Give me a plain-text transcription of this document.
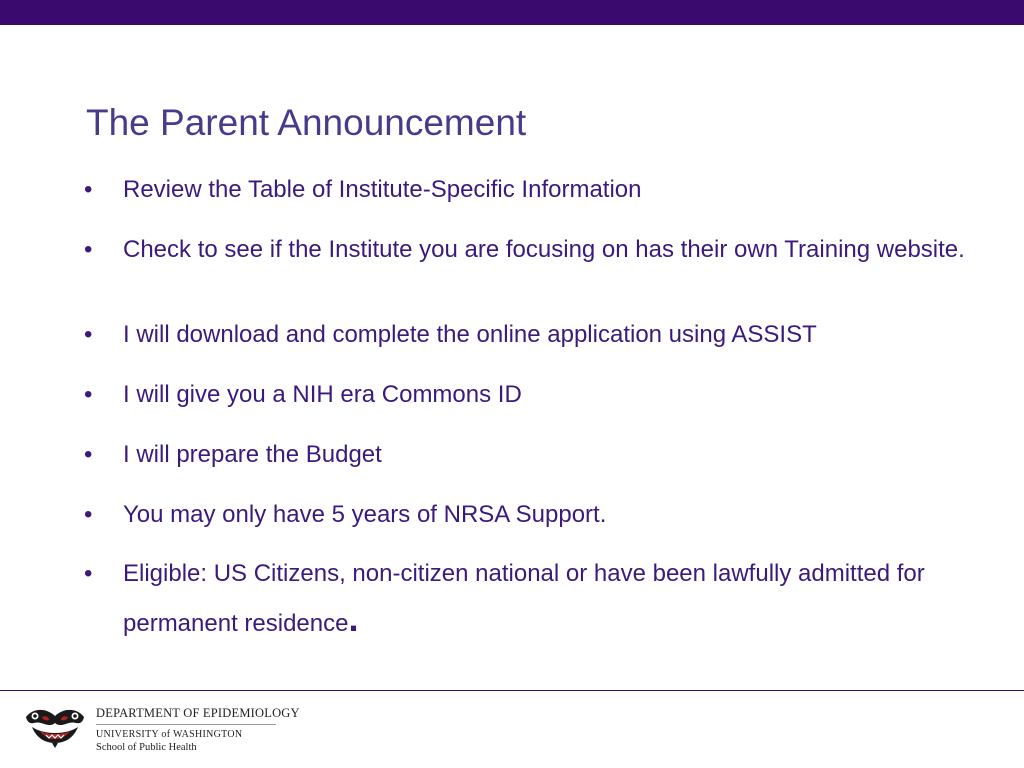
The Parent Announcement
• Review the Table of Institute-Specific Information
• Check to see if the Institute you are focusing on has their own Training website.
• I will download and complete the online application using ASSIST
• I will give you a NIH era Commons ID
• I will prepare the Budget
• You may only have 5 years of NRSA Support.
• Eligible: US Citizens, non-citizen national or have been lawfully admitted for permanent residence.
DEPARTMENT OF EPIDEMIOLOGY
UNIVERSITY of WASHINGTON
School of Public Health
